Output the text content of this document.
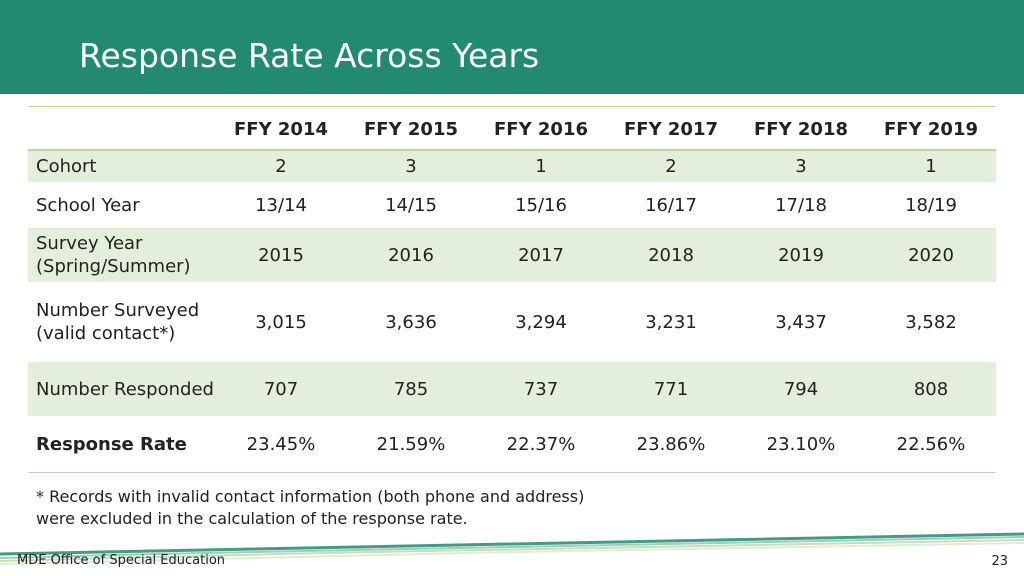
Response Rate Across Years
	FFY 2014	FFY 2015	FFY 2016	FFY 2017	FFY 2018	FFY 2019
Cohort	2	3	1	2	3	1
School Year	13/14	14/15	15/16	16/17	17/18	18/19
Survey Year (Spring/Summer)	2015	2016	2017	2018	2019	2020
Number Surveyed (valid contact*)	3,015	3,636	3,294	3,231	3,437	3,582
Number Responded	707	785	737	771	794	808
Response Rate	23.45%	21.59%	22.37%	23.86%	23.10%	22.56%
* Records with invalid contact information (both phone and address) were excluded in the calculation of the response rate.
MDE Office of Special Education	23
